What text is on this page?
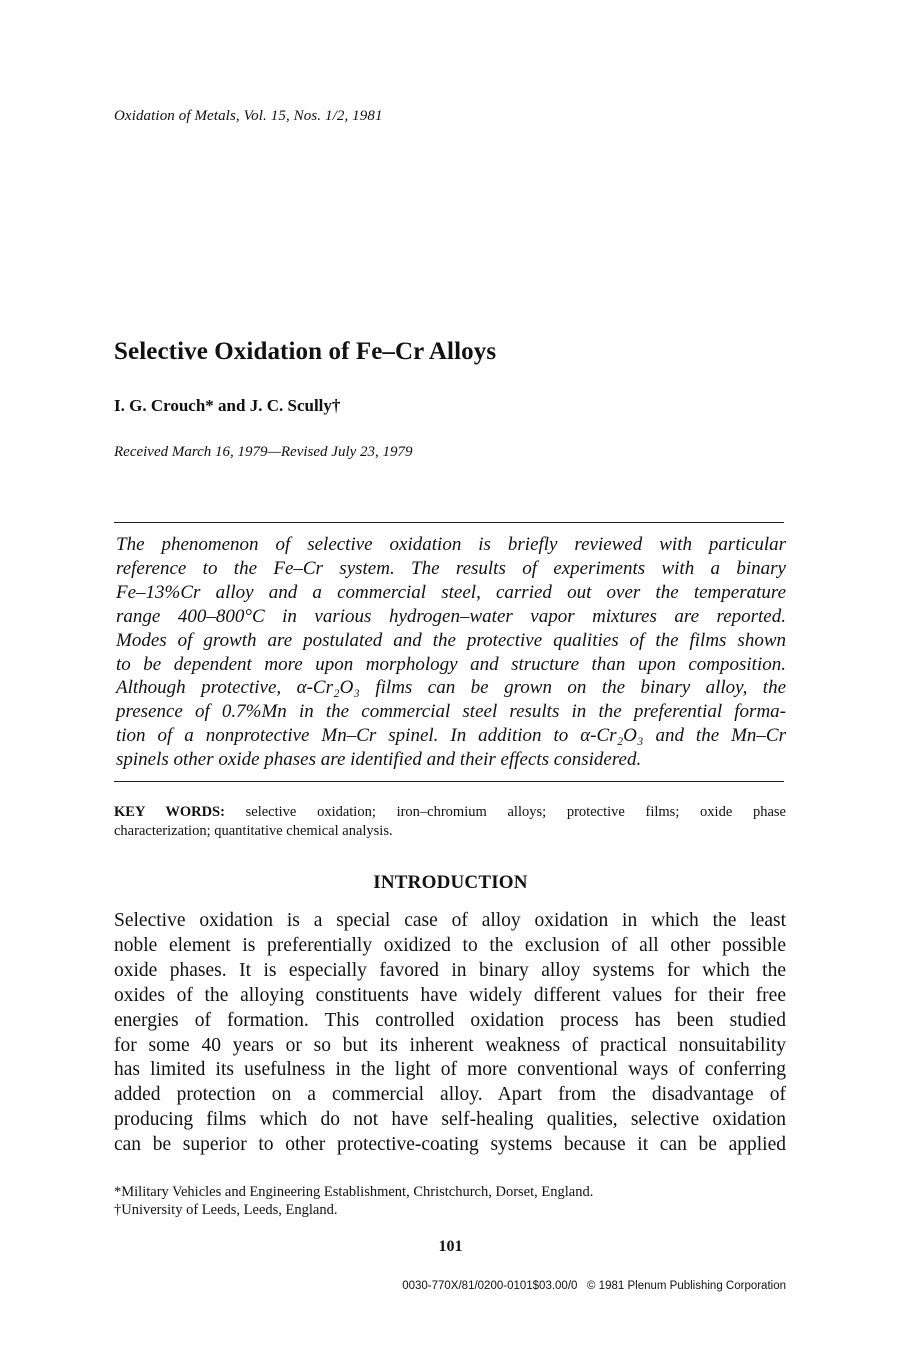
Oxidation of Metals, Vol. 15, Nos. 1/2, 1981
Selective Oxidation of Fe–Cr Alloys
I. G. Crouch* and J. C. Scully†
Received March 16, 1979—Revised July 23, 1979
The phenomenon of selective oxidation is briefly reviewed with particular
reference to the Fe–Cr system. The results of experiments with a binary
Fe–13%Cr alloy and a commercial steel, carried out over the temperature
range 400–800°C in various hydrogen–water vapor mixtures are reported.
Modes of growth are postulated and the protective qualities of the films shown
to be dependent more upon morphology and structure than upon composition.
Although protective, α-Cr₂O₃ films can be grown on the binary alloy, the
presence of 0.7%Mn in the commercial steel results in the preferential forma-
tion of a nonprotective Mn–Cr spinel. In addition to α-Cr₂O₃ and the Mn–Cr
spinels other oxide phases are identified and their effects considered.
KEY WORDS: selective oxidation; iron–chromium alloys; protective films; oxide phase
characterization; quantitative chemical analysis.
INTRODUCTION
Selective oxidation is a special case of alloy oxidation in which the least
noble element is preferentially oxidized to the exclusion of all other possible
oxide phases. It is especially favored in binary alloy systems for which the
oxides of the alloying constituents have widely different values for their free
energies of formation. This controlled oxidation process has been studied
for some 40 years or so but its inherent weakness of practical nonsuitability
has limited its usefulness in the light of more conventional ways of conferring
added protection on a commercial alloy. Apart from the disadvantage of
producing films which do not have self-healing qualities, selective oxidation
can be superior to other protective-coating systems because it can be applied
*Military Vehicles and Engineering Establishment, Christchurch, Dorset, England.
†University of Leeds, Leeds, England.
101
0030-770X/81/0200-0101$03.00/0 © 1981 Plenum Publishing Corporation
